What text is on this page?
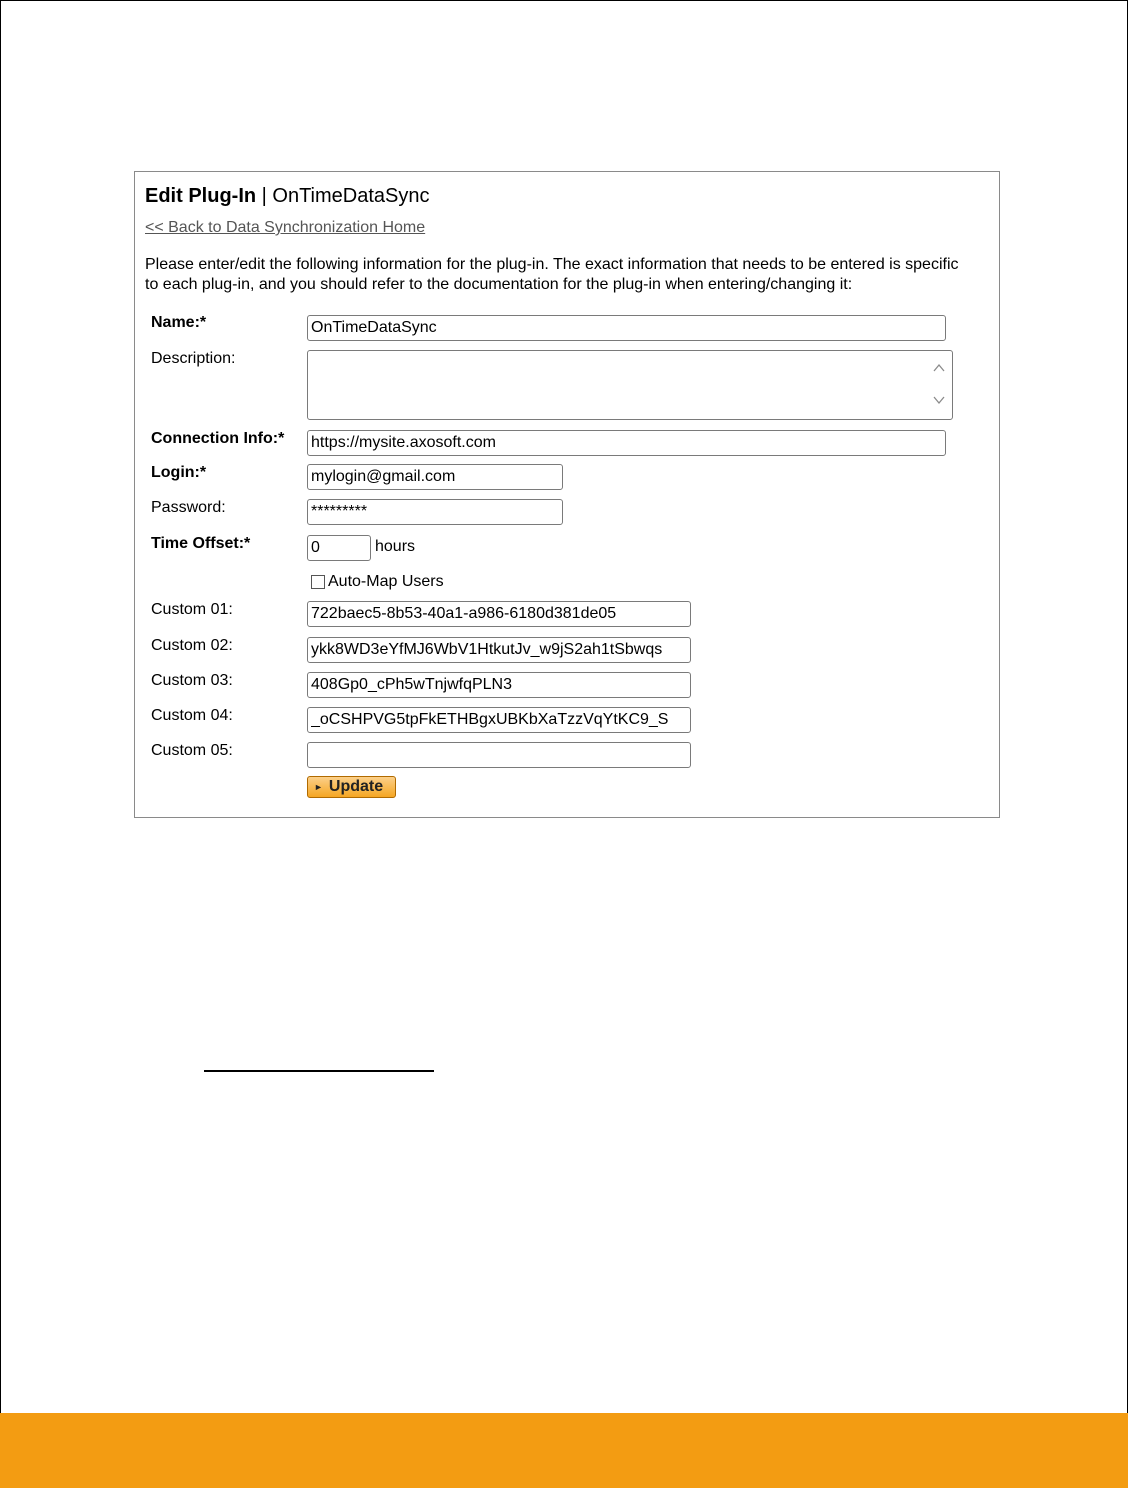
Edit Plug-In | OnTimeDataSync
<< Back to Data Synchronization Home
Please enter/edit the following information for the plug-in. The exact information that needs to be entered is specific to each plug-in, and you should refer to the documentation for the plug-in when entering/changing it:
Name:*
OnTimeDataSync
Description:
Connection Info:*
https://mysite.axosoft.com
Login:*
mylogin@gmail.com
Password:
*********
Time Offset:*
0	hours
Auto-Map Users
Custom 01:
722baec5-8b53-40a1-a986-6180d381de05
Custom 02:
ykk8WD3eYfMJ6WbV1HtkutJv_w9jS2ah1tSbwqs
Custom 03:
408Gp0_cPh5wTnjwfqPLN3
Custom 04:
_oCSHPVG5tpFkETHBgxUBKbXaTzzVqYtKC9_S
Custom 05:
► Update
